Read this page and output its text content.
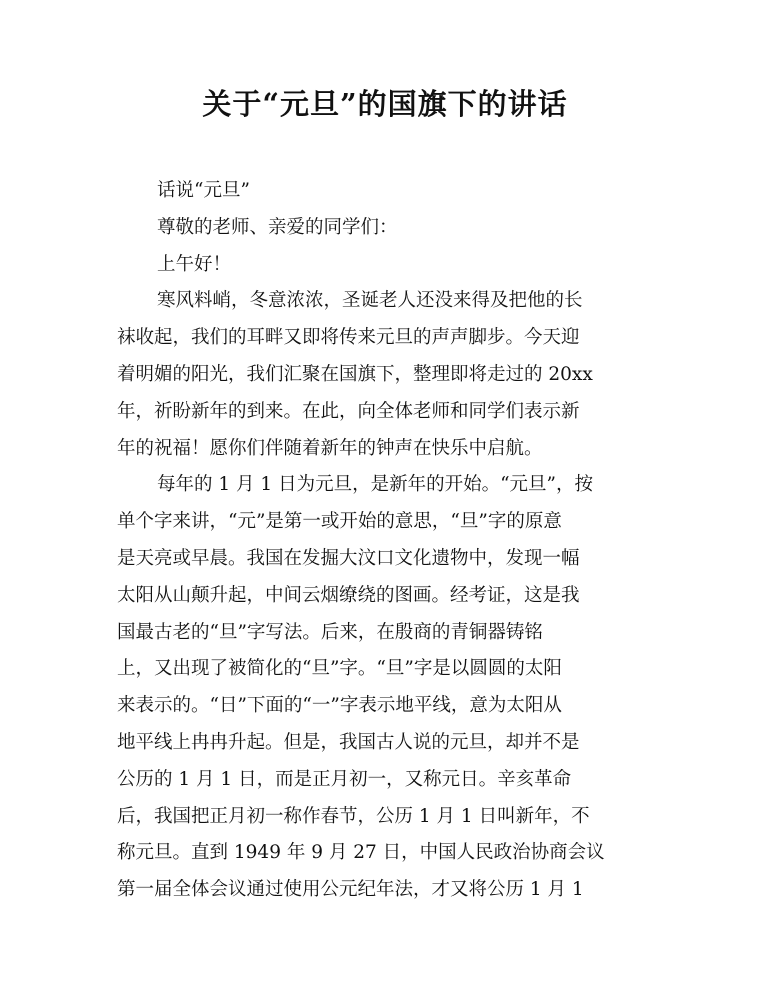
关于“元旦”的国旗下的讲话
话说“元旦”
尊敬的老师、亲爱的同学们：
上午好！
寒风料峭，冬意浓浓，圣诞老人还没来得及把他的长
袜收起，我们的耳畔又即将传来元旦的声声脚步。今天迎
着明媚的阳光，我们汇聚在国旗下，整理即将走过的 20xx
年，祈盼新年的到来。在此，向全体老师和同学们表示新
年的祝福！愿你们伴随着新年的钟声在快乐中启航。
每年的 1 月 1 日为元旦，是新年的开始。“元旦”，按
单个字来讲，“元”是第一或开始的意思，“旦”字的原意
是天亮或早晨。我国在发掘大汶口文化遗物中，发现一幅
太阳从山颠升起，中间云烟缭绕的图画。经考证，这是我
国最古老的“旦”字写法。后来，在殷商的青铜器铸铭
上，又出现了被简化的“旦”字。“旦”字是以圆圆的太阳
来表示的。“日”下面的“一”字表示地平线，意为太阳从
地平线上冉冉升起。但是，我国古人说的元旦，却并不是
公历的 1 月 1 日，而是正月初一，又称元日。辛亥革命
后，我国把正月初一称作春节，公历 1 月 1 日叫新年，不
称元旦。直到 1949 年 9 月 27 日，中国人民政治协商会议
第一届全体会议通过使用公元纪年法，才又将公历 1 月 1
